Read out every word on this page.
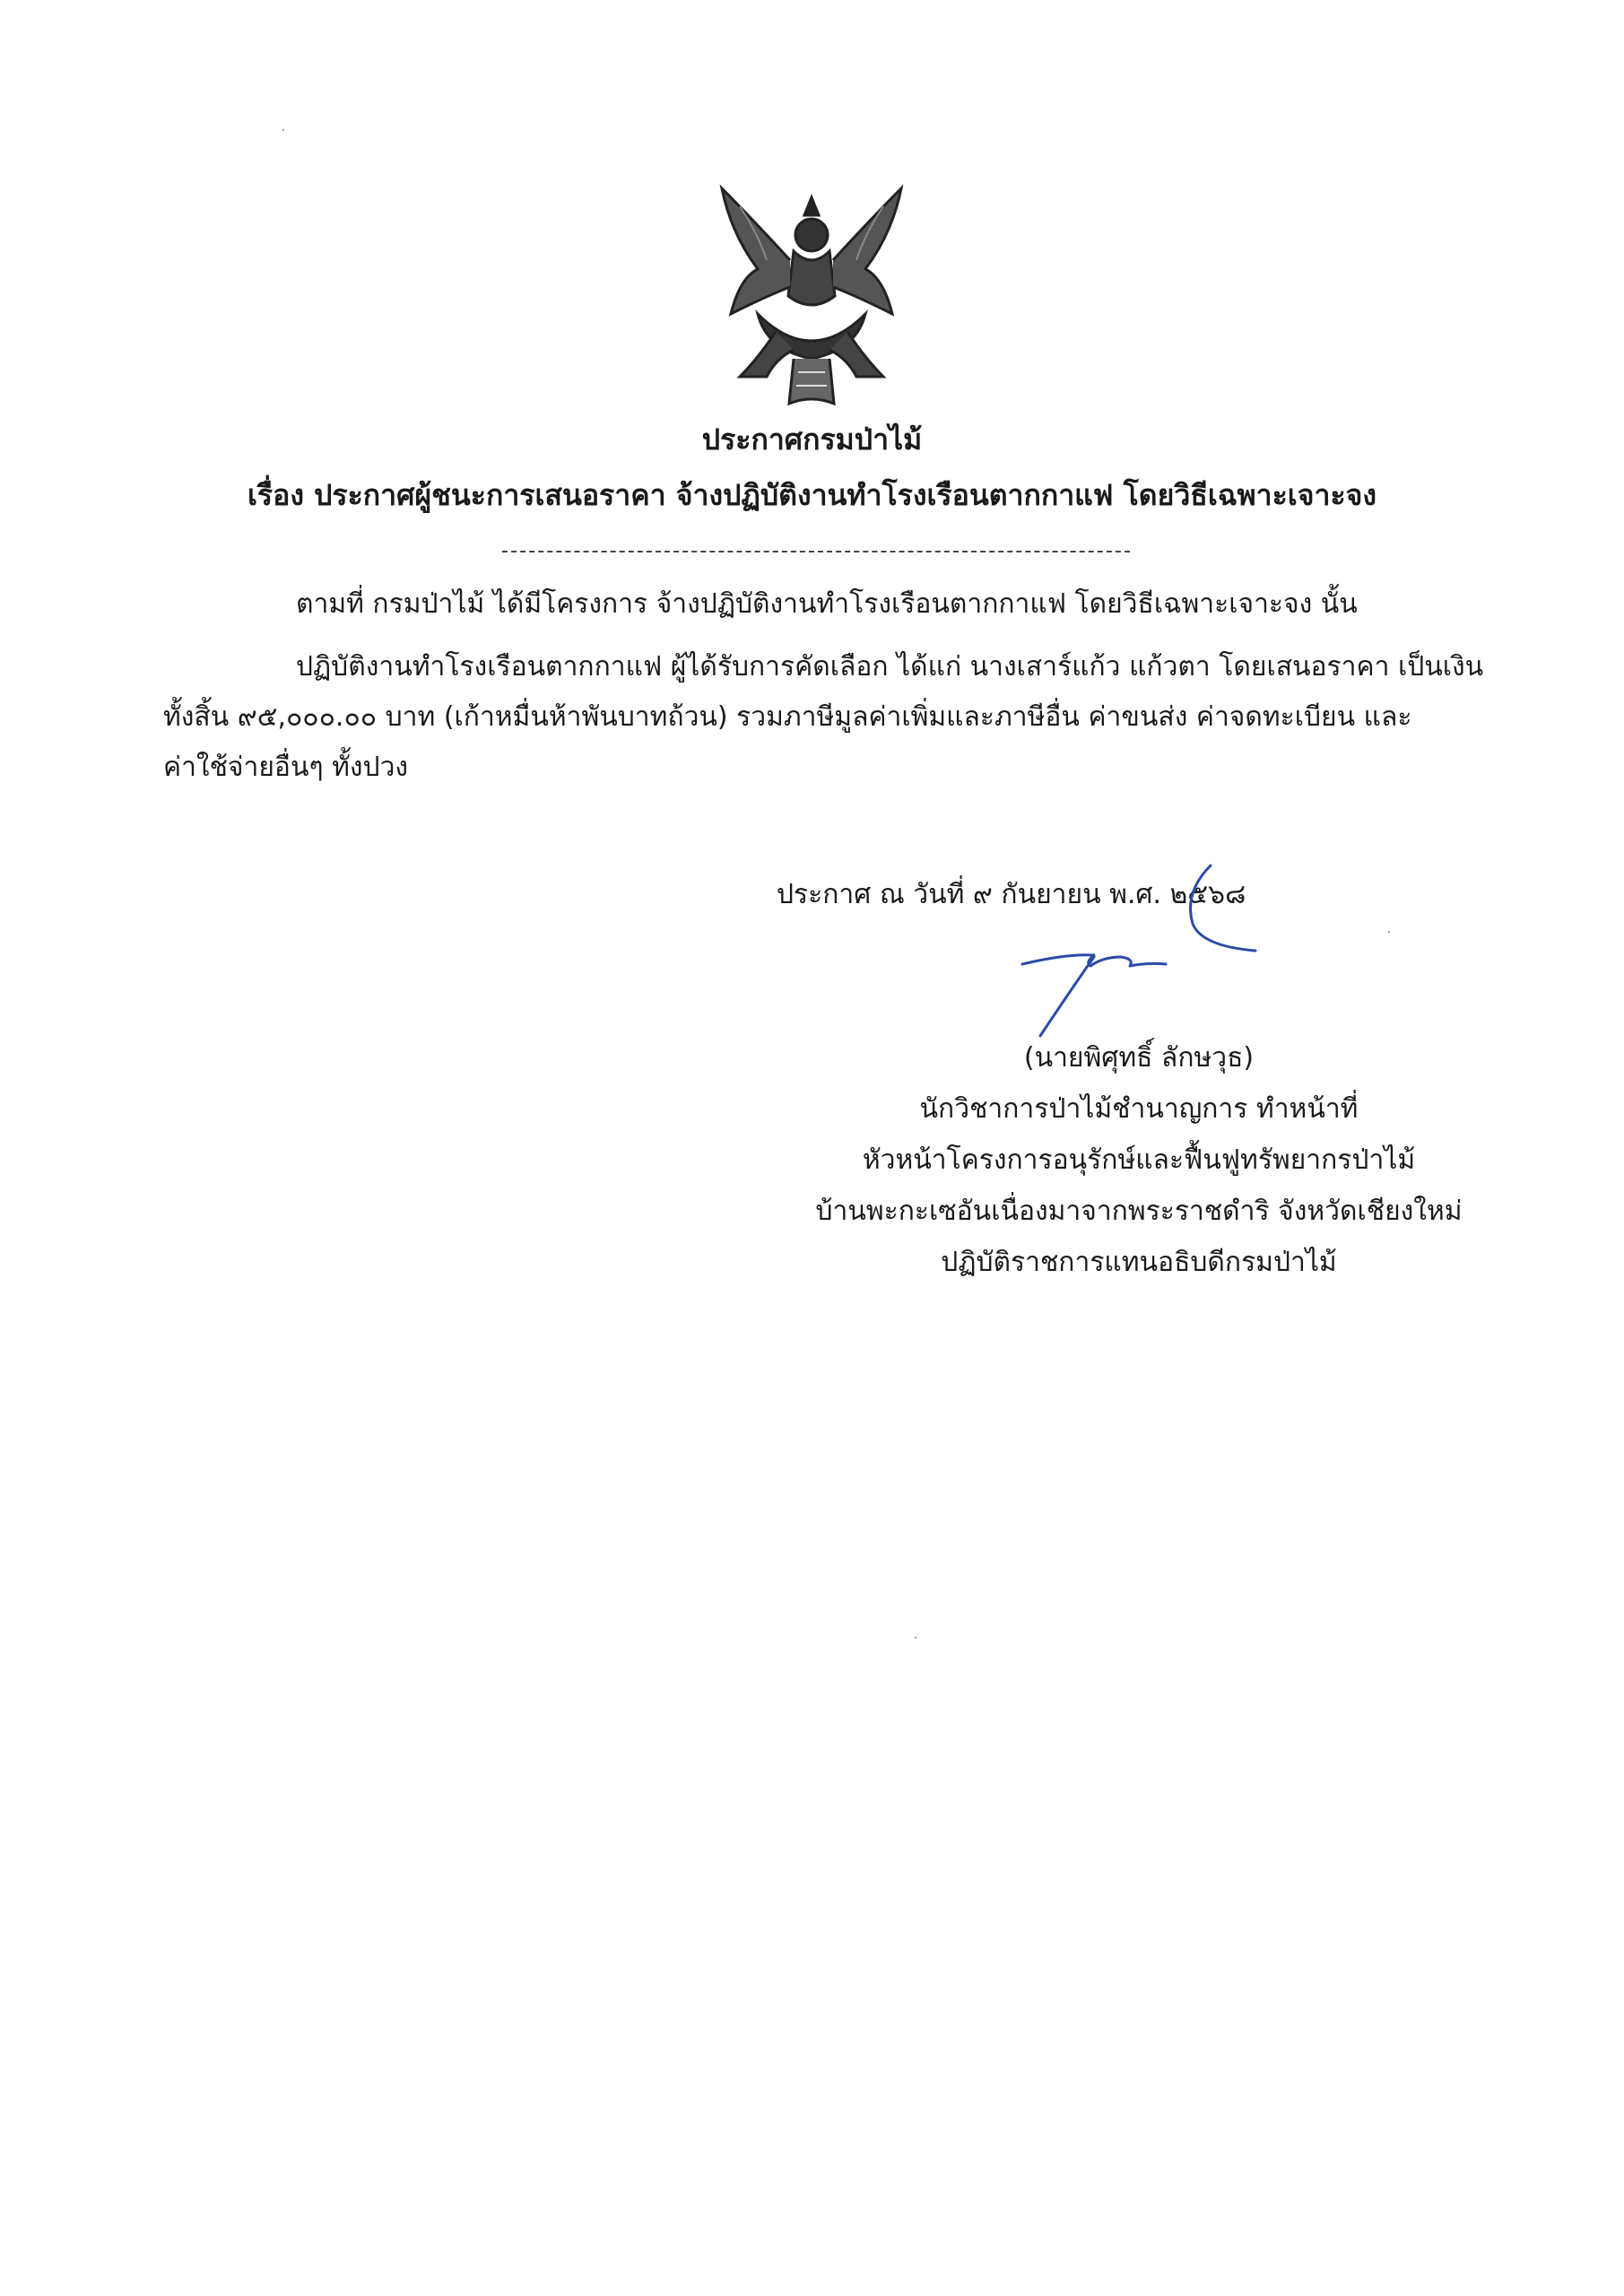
ประกาศกรมป่าไม้
เรื่อง ประกาศผู้ชนะการเสนอราคา จ้างปฏิบัติงานทำโรงเรือนตากกาแฟ โดยวิธีเฉพาะเจาะจง
ตามที่ กรมป่าไม้ ได้มีโครงการ จ้างปฏิบัติงานทำโรงเรือนตากกาแฟ โดยวิธีเฉพาะเจาะจง นั้น
ปฏิบัติงานทำโรงเรือนตากกาแฟ ผู้ได้รับการคัดเลือก ได้แก่ นางเสาร์แก้ว แก้วตา โดยเสนอราคา เป็นเงิน
ทั้งสิ้น ๙๕,๐๐๐.๐๐ บาท (เก้าหมื่นห้าพันบาทถ้วน) รวมภาษีมูลค่าเพิ่มและภาษีอื่น ค่าขนส่ง ค่าจดทะเบียน และ
ค่าใช้จ่ายอื่นๆ ทั้งปวง
ประกาศ ณ วันที่ ๙ กันยายน พ.ศ. ๒๕๖๘
(นายพิศุทธิ์ ลักษวุธ)
นักวิชาการป่าไม้ชำนาญการ ทำหน้าที่
หัวหน้าโครงการอนุรักษ์และฟื้นฟูทรัพยากรป่าไม้
บ้านพะกะเซอันเนื่องมาจากพระราชดำริ จังหวัดเชียงใหม่
ปฏิบัติราชการแทนอธิบดีกรมป่าไม้
